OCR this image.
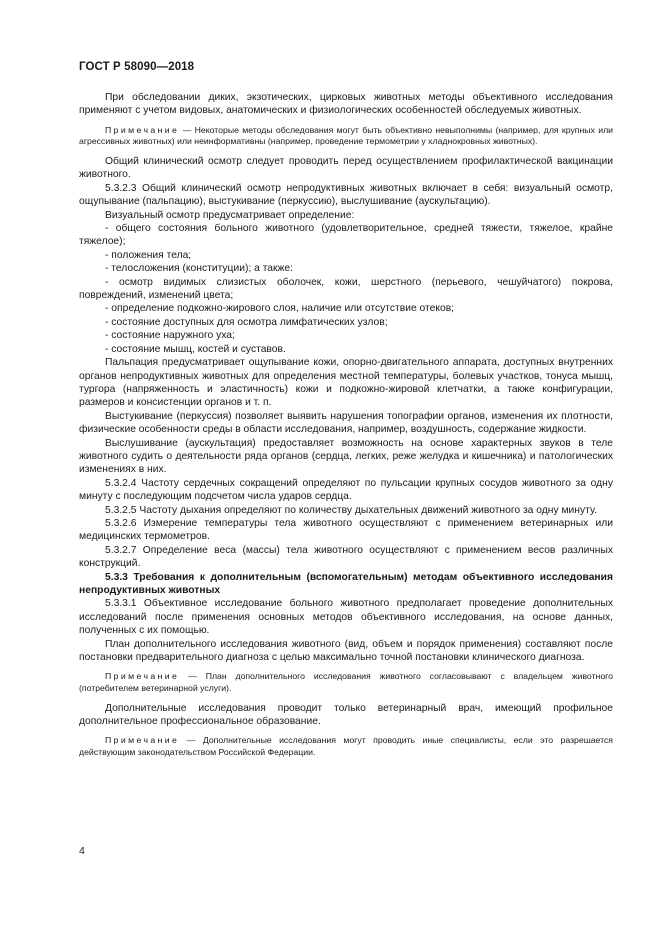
ГОСТ Р 58090—2018

При обследовании диких, экзотических, цирковых животных методы объективного исследования применяют с учетом видовых, анатомических и физиологических особенностей обследуемых животных.

Примечание — Некоторые методы обследования могут быть объективно невыполнимы (например, для крупных или агрессивных животных) или неинформативны (например, проведение термометрии у хладнокровных животных).

Общий клинический осмотр следует проводить перед осуществлением профилактической вакцинации животного.

5.3.2.3 Общий клинический осмотр непродуктивных животных включает в себя: визуальный осмотр, ощупывание (пальпацию), выстукивание (перкуссию), выслушивание (аускультацию).

Визуальный осмотр предусматривает определение:

- общего состояния больного животного (удовлетворительное, средней тяжести, тяжелое, крайне тяжелое);

- положения тела;

- телосложения (конституции); а также:

- осмотр видимых слизистых оболочек, кожи, шерстного (перьевого, чешуйчатого) покрова, повреждений, изменений цвета;

- определение подкожно-жирового слоя, наличие или отсутствие отеков;

- состояние доступных для осмотра лимфатических узлов;

- состояние наружного уха;

- состояние мышц, костей и суставов.

Пальпация предусматривает ощупывание кожи, опорно-двигательного аппарата, доступных внутренних органов непродуктивных животных для определения местной температуры, болевых участков, тонуса мышц, тургора (напряженность и эластичность) кожи и подкожно-жировой клетчатки, а также конфигурации, размеров и консистенции органов и т. п.

Выстукивание (перкуссия) позволяет выявить нарушения топографии органов, изменения их плотности, физические особенности среды в области исследования, например, воздушность, содержание жидкости.

Выслушивание (аускультация) предоставляет возможность на основе характерных звуков в теле животного судить о деятельности ряда органов (сердца, легких, реже желудка и кишечника) и патологических изменениях в них.

5.3.2.4 Частоту сердечных сокращений определяют по пульсации крупных сосудов животного за одну минуту с последующим подсчетом числа ударов сердца.

5.3.2.5 Частоту дыхания определяют по количеству дыхательных движений животного за одну минуту.

5.3.2.6 Измерение температуры тела животного осуществляют с применением ветеринарных или медицинских термометров.

5.3.2.7 Определение веса (массы) тела животного осуществляют с применением весов различных конструкций.

5.3.3 Требования к дополнительным (вспомогательным) методам объективного исследования непродуктивных животных

5.3.3.1 Объективное исследование больного животного предполагает проведение дополнительных исследований после применения основных методов объективного исследования, на основе данных, полученных с их помощью.

План дополнительного исследования животного (вид, объем и порядок применения) составляют после постановки предварительного диагноза с целью максимально точной постановки клинического диагноза.

Примечание — План дополнительного исследования животного согласовывают с владельцем животного (потребителем ветеринарной услуги).

Дополнительные исследования проводит только ветеринарный врач, имеющий профильное дополнительное профессиональное образование.

Примечание — Дополнительные исследования могут проводить иные специалисты, если это разрешается действующим законодательством Российской Федерации.

4
